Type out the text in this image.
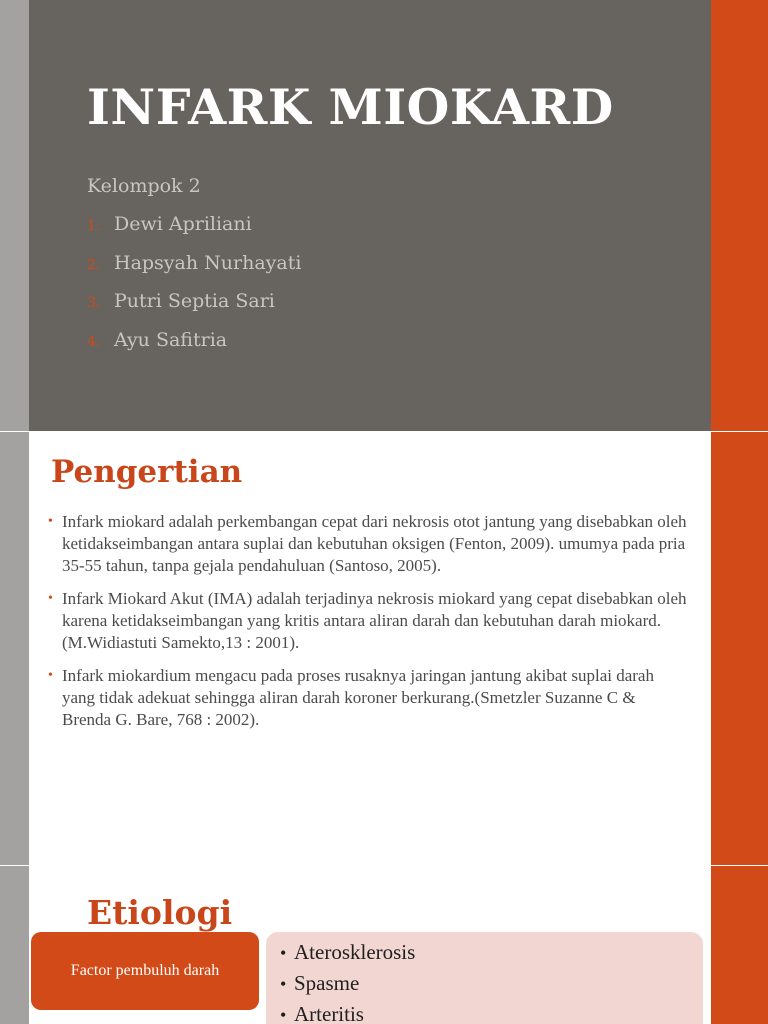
INFARK MIOKARD
Kelompok 2
1. Dewi Apriliani
2. Hapsyah Nurhayati
3. Putri Septia Sari
4. Ayu Safitria
Pengertian
• Infark miokard adalah perkembangan cepat dari nekrosis otot jantung yang disebabkan oleh ketidakseimbangan antara suplai dan kebutuhan oksigen (Fenton, 2009). umumya pada pria 35-55 tahun, tanpa gejala pendahuluan (Santoso, 2005).
• Infark Miokard Akut (IMA) adalah terjadinya nekrosis miokard yang cepat disebabkan oleh karena ketidakseimbangan yang kritis antara aliran darah dan kebutuhan darah miokard. (M.Widiastuti Samekto,13 : 2001).
• Infark miokardium mengacu pada proses rusaknya jaringan jantung akibat suplai darah yang tidak adekuat sehingga aliran darah koroner berkurang.(Smetzler Suzanne C & Brenda G. Bare, 768 : 2002).
Etiologi
Factor pembuluh darah
• Aterosklerosis
• Spasme
• Arteritis
